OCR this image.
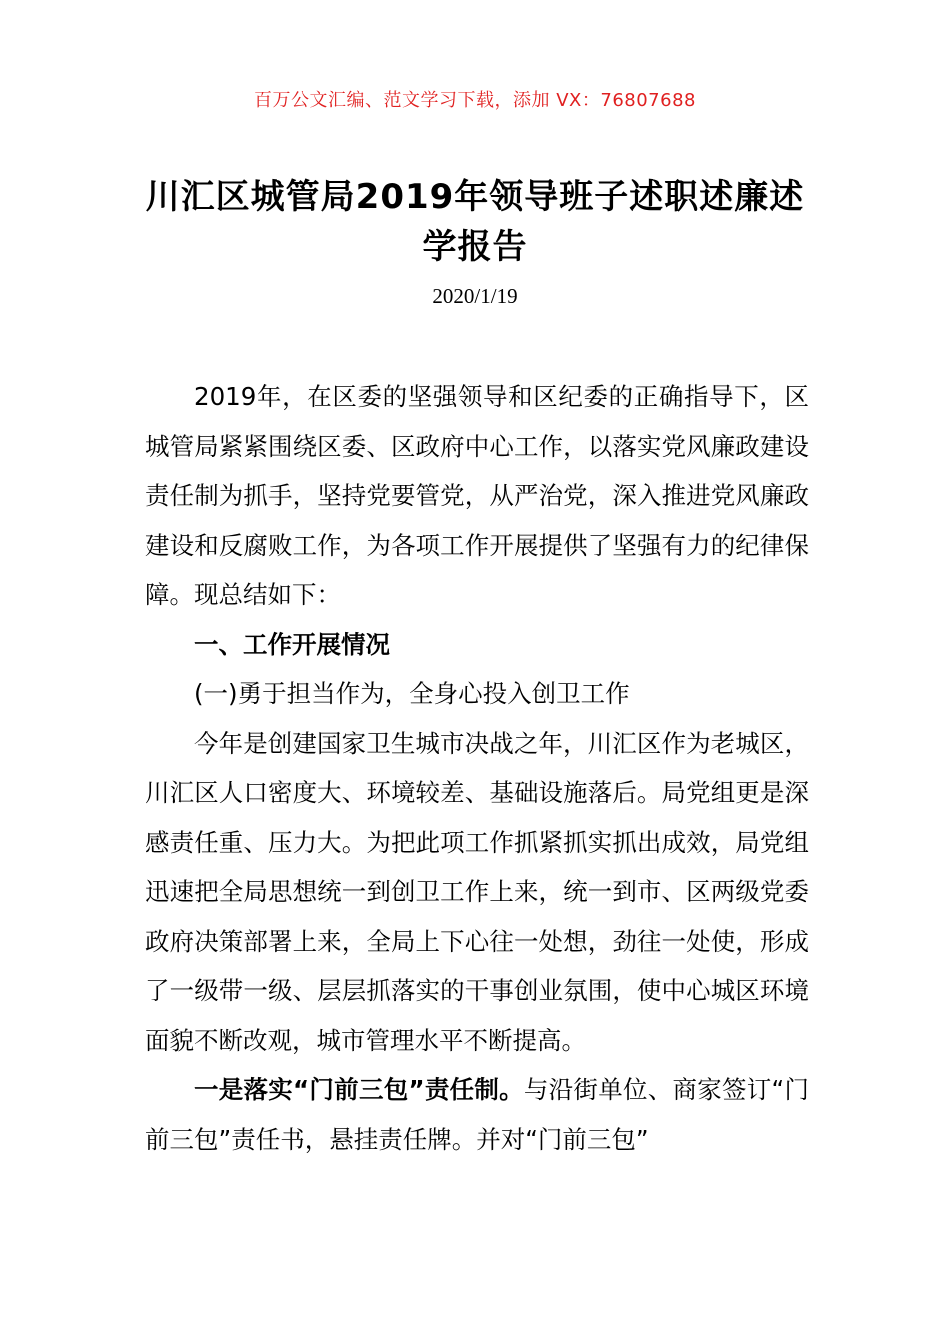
百万公文汇编、范文学习下载，添加 VX：76807688
川汇区城管局2019年领导班子述职述廉述学报告
2020/1/19

2019年，在区委的坚强领导和区纪委的正确指导下，区城管局紧紧围绕区委、区政府中心工作，以落实党风廉政建设责任制为抓手，坚持党要管党，从严治党，深入推进党风廉政建设和反腐败工作，为各项工作开展提供了坚强有力的纪律保障。现总结如下：

一、工作开展情况

(一)勇于担当作为，全身心投入创卫工作

今年是创建国家卫生城市决战之年，川汇区作为老城区，川汇区人口密度大、环境较差、基础设施落后。局党组更是深感责任重、压力大。为把此项工作抓紧抓实抓出成效，局党组迅速把全局思想统一到创卫工作上来，统一到市、区两级党委政府决策部署上来，全局上下心往一处想，劲往一处使，形成了一级带一级、层层抓落实的干事创业氛围，使中心城区环境面貌不断改观，城市管理水平不断提高。

一是落实“门前三包”责任制。与沿街单位、商家签订“门前三包”责任书，悬挂责任牌。并对“门前三包”
